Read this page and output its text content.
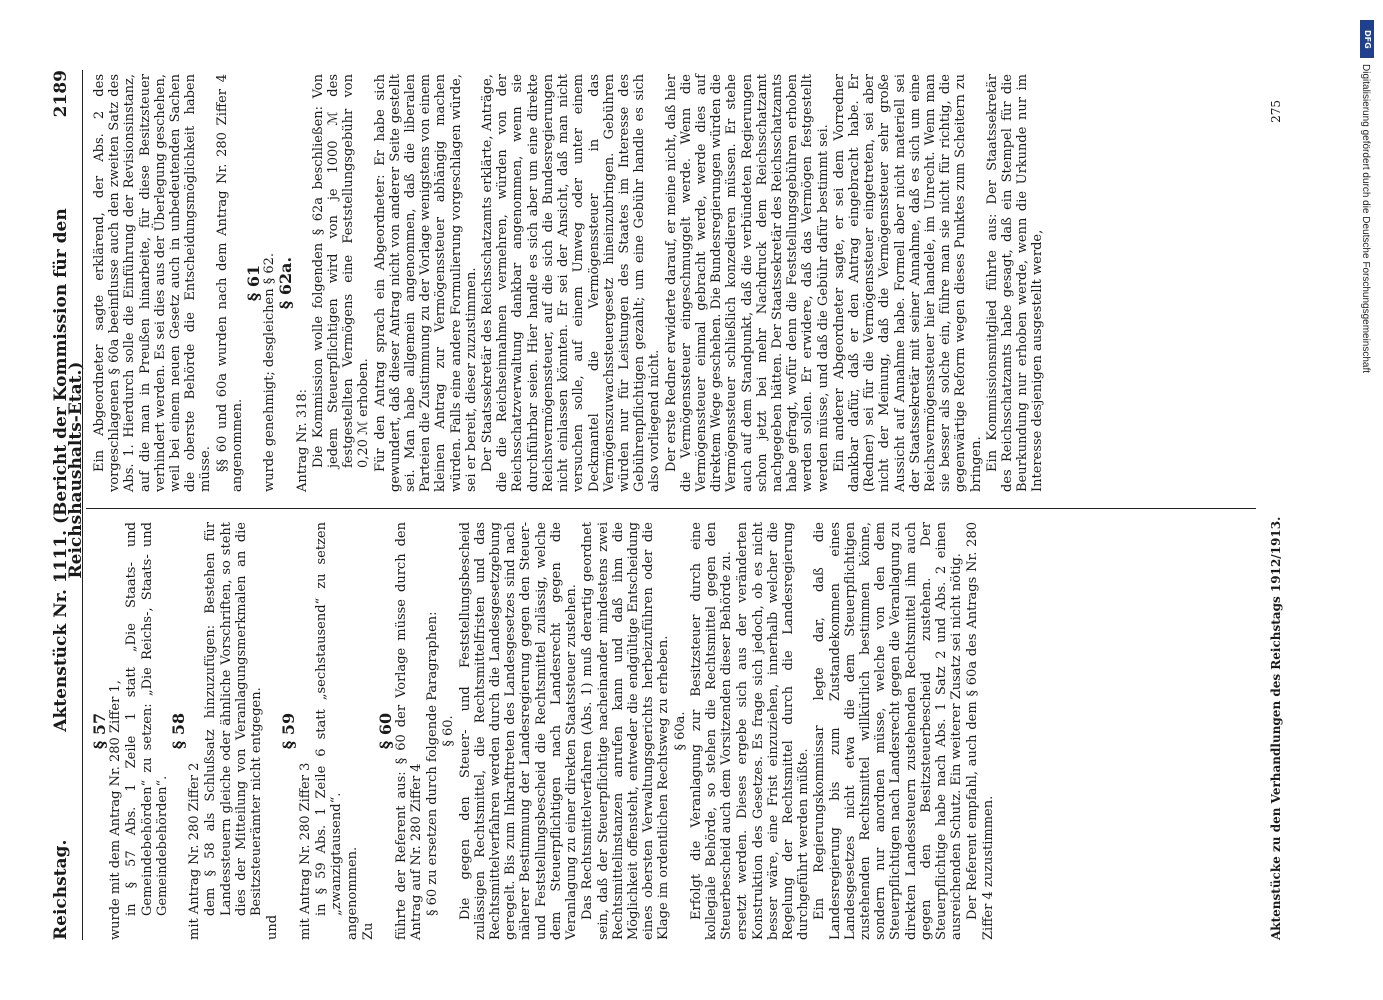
Reichstag.
Aktenstück Nr. 1111. (Bericht der Kommission für den Reichshaushalts-Etat.)
2189

§ 57 wurde mit dem Antrag Nr. 280 Ziffer 1, in § 57 Abs. 1 Zeile 1 statt „Die Staats- und Gemeindebehörden“ zu setzen: „Die Reichs-, Staats- und Gemeindebehörden“.

§ 58

mit Antrag Nr. 280 Ziffer 2 dem § 58 als Schlußsatz hinzuzufügen: Bestehen für Landessteuern gleiche oder ähnliche Vorschriften, so steht dies der Mitteilung von Veranlagungsmerkmalen an die Besitzsteuerämter nicht entgegen.

und

§ 59

mit Antrag Nr. 280 Ziffer 3 in § 59 Abs. 1 Zeile 6 statt „sechstausend“ zu setzen „zwanzigtausend“. angenommen. Zu

§ 60 führte der Referent aus: § 60 der Vorlage müsse durch den Antrag auf Nr. 280 Ziffer 4 § 60 zu ersetzen durch folgende Paragraphen: § 60. Die gegen den Steuer- und Feststellungsbescheid zulässigen Rechtsmittel, die Rechtsmittelfristen und das Rechtsmittelverfahren werden durch die Landesgesetzgebung geregelt. Bis zum Inkrafttreten des Landesgesetzes sind nach näherer Bestimmung der Landesregierung gegen den Steuer- und Feststellungsbescheid die Rechtsmittel zulässig, welche dem Steuerpflichtigen nach Landesrecht gegen die Veranlagung zu einer direkten Staatssteuer zustehen. Das Rechtsmittelverfahren (Abs. 1) muß derartig geordnet sein, daß der Steuerpflichtige nacheinander mindestens zwei Rechtsmittelinstanzen anrufen kann und daß ihm die Möglichkeit offensteht, entweder die endgültige Entscheidung eines obersten Verwaltungsgerichts herbeizuführen oder die Klage im ordentlichen Rechtsweg zu erheben. § 60a. Erfolgt die Veranlagung zur Besitzsteuer durch eine kollegiale Behörde, so stehen die Rechtsmittel gegen den Steuerbescheid auch dem Vorsitzenden dieser Behörde zu. ersetzt werden. Dieses ergebe sich aus der veränderten Konstruktion des Gesetzes. Es frage sich jedoch, ob es nicht besser wäre, eine Frist einzuziehen, innerhalb welcher die Regelung der Rechtsmittel durch die Landesregierung durchgeführt werden müßte. Ein Regierungskommissar legte dar, daß die Landesregierung bis zum Zustandekommen eines Landesgesetzes nicht etwa die dem Steuerpflichtigen zustehenden Rechtsmittel willkürlich bestimmen könne, sondern nur anordnen müsse, welche von den dem Steuerpflichtigen nach Landesrecht gegen die Veranlagung zu direkten Landessteuern zustehenden Rechtsmittel ihm auch gegen den Besitzsteuerbescheid zustehen. Der Steuerpflichtige habe nach Abs. 1 Satz 2 und Abs. 2 einen ausreichenden Schutz. Ein weiterer Zusatz sei nicht nötig. Der Referent empfahl, auch dem § 60a des Antrags Nr. 280 Ziffer 4 zuzustimmen.

Ein Abgeordneter sagte erklärend, der Abs. 2 des vorgeschlagenen § 60a beeinflusse auch den zweiten Satz des Abs. 1. Hierdurch solle die Einführung der Revisionsinstanz, auf die man in Preußen hinarbeite, für diese Besitzsteuer verhindert werden. Es sei dies aus der Überlegung geschehen, weil bei einem neuen Gesetz auch in unbedeutenden Sachen die oberste Behörde die Entscheidungsmöglichkeit haben müsse. §§ 60 und 60a wurden nach dem Antrag Nr. 280 Ziffer 4 angenommen.

§ 61 wurde genehmigt; desgleichen § 62. § 62a.

Antrag Nr. 318: Die Kommission wolle folgenden § 62a beschließen: Von jedem Steuerpflichtigen wird von je 1000 ℳ des festgestellten Vermögens eine Feststellungsgebühr von 0,20 ℳ erhoben. Für den Antrag sprach ein Abgeordneter: Er habe sich gewundert, daß dieser Antrag nicht von anderer Seite gestellt sei. Man habe allgemein angenommen, daß die liberalen Parteien die Zustimmung zu der Vorlage wenigstens von einem kleinen Antrag zur Vermögenssteuer abhängig machen würden. Falls eine andere Formulierung vorgeschlagen würde, sei er bereit, dieser zuzustimmen. Der Staatssekretär des Reichsschatzamts erklärte, Anträge, die die Reichseinnahmen vermehren, würden von der Reichsschatzverwaltung dankbar angenommen, wenn sie durchführbar seien. Hier handle es sich aber um eine direkte Reichsvermögenssteuer, auf die sich die Bundesregierungen nicht einlassen könnten. Er sei der Ansicht, daß man nicht versuchen solle, auf einem Umweg oder unter einem Deckmantel die Vermögenssteuer in das Vermögenszuwachssteuergesetz hineinzubringen. Gebühren würden nur für Leistungen des Staates im Interesse des Gebührenpflichtigen gezahlt; um eine Gebühr handle es sich also vorliegend nicht. Der erste Redner erwiderte darauf, er meine nicht, daß hier die Vermögenssteuer eingeschmuggelt werde. Wenn die Vermögenssteuer einmal gebracht werde, werde dies auf direktem Wege geschehen. Die Bundesregierungen würden die Vermögenssteuer schließlich konzedieren müssen. Er stehe auch auf dem Standpunkt, daß die verbündeten Regierungen schon jetzt bei mehr Nachdruck dem Reichsschatzamt nachgegeben hätten. Der Staatssekretär des Reichsschatzamts habe gefragt, wofür denn die Feststellungsgebühren erhoben werden sollen. Er erwidere, daß das Vermögen festgestellt werden müsse, und daß die Gebühr dafür bestimmt sei. Ein anderer Abgeordneter sagte, er sei dem Vorredner dankbar dafür, daß er den Antrag eingebracht habe. Er (Redner) sei für die Vermögenssteuer eingetreten, sei aber nicht der Meinung, daß die Vermögenssteuer sehr große Aussicht auf Annahme habe. Formell aber nicht materiell sei der Staatssekretär mit seiner Annahme, daß es sich um eine Reichsvermögenssteuer hier handele, im Unrecht. Wenn man sie besser als solche ein, führe man sie nicht für richtig, die gegenwärtige Reform wegen dieses Punktes zum Scheitern zu bringen. Ein Kommissionsmitglied führte aus: Der Staatssekretär des Reichsschatzamts habe gesagt, daß ein Stempel für die Beurkundung nur erhoben werde, wenn die Urkunde nur im Interesse desjenigen ausgestellt werde,

Aktenstücke zu den Verhandlungen des Reichstags 1912/1913.
275
DFG
Digitalisierung gefördert durch die Deutsche Forschungsgemeinschaft
